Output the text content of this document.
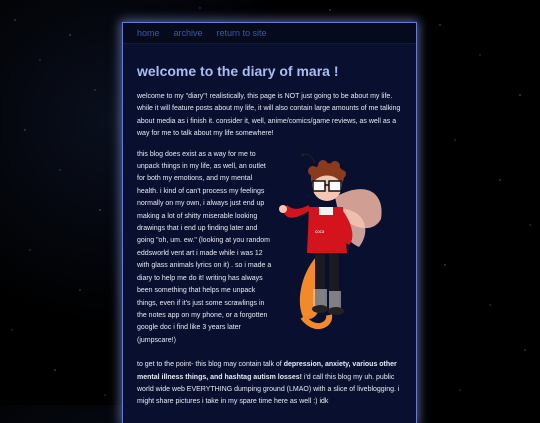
home archive return to site
welcome to the diary of mara !

welcome to my "diary"! realistically, this page is NOT just going to be about my life. while it will feature posts about my life, it will also contain large amounts of me talking about media as i finish it. consider it, well, anime/comics/game reviews, as well as a way for me to talk about my life somewhere!

this blog does exist as a way for me to unpack things in my life, as well, an outlet for both my emotions, and my mental health. i kind of can't process my feelings normally on my own, i always just end up making a lot of shitty miserable looking drawings that i end up finding later and going "oh, um. ew." (looking at you random eddsworld vent art i made while i was 12 with glass animals lyrics on it) . so i made a diary to help me do it! writing has always been something that helps me unpack things, even if it's just some scrawlings in the notes app on my phone, or a forgotten google doc i find like 3 years later (jumpscare!)

coca

to get to the point- this blog may contain talk of depression, anxiety, various other mental illness things, and hashtag autism losses! i'd call this blog my uh. public world wide web EVERYTHING dumping ground (LMAO) with a slice of liveblogging. i might share pictures i take in my spare time here as well :) idk
